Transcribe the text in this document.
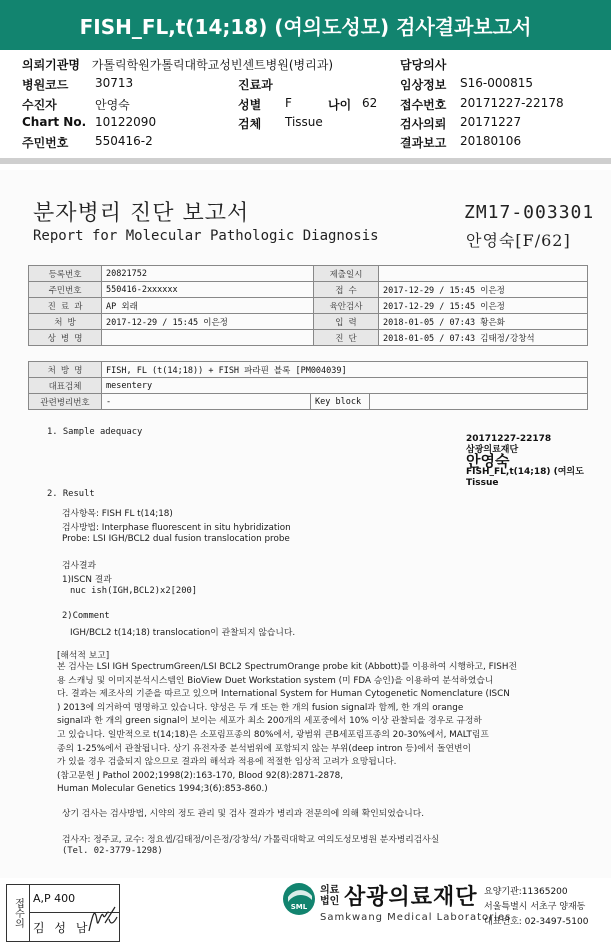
FISH_FL,t(14;18) (여의도성모) 검사결과보고서
의뢰기관명 가톨릭학원가톨릭대학교성빈센트병원(병리과)	담당의사
병원코드 30713	진료과	임상정보 S16-000815
수진자	안영숙	성별 F	나이 62 접수번호 20171227-22178
Chart No. 10122090	검체 Tissue	검사의뢰 20171227
주민번호 550416-2	결과보고 20180106
분자병리 진단 보고서
Report for Molecular Pathologic Diagnosis
ZM17-003301
안영숙[F/62]
등록번호	20821752	제출일시	
주민번호	550416-2xxxxxx	접 수	2017-12-29 / 15:45 이은정
진 료 과	AP 외래	육안검사	2017-12-29 / 15:45 이은정
처 방	2017-12-29 / 15:45 이은정	입 력	2018-01-05 / 07:43 황은화
상 병 명		진 단	2018-01-05 / 07:43 김태정/강창석
처 방 명	FISH, FL (t(14;18)) + FISH 파라핀 블록 [PM004039]		
대표검체	mesentery		
관련병리번호	-	Key block	
1. Sample adequacy
20171227-22178
삼광의료재단
안영숙
FISH_FL,t(14;18) (여의도
Tissue
2. Result
검사항목: FISH FL t(14;18)
검사방법: Interphase fluorescent in situ hybridization
Probe: LSI IGH/BCL2 dual fusion translocation probe
검사결과
1)ISCN 결과
nuc ish(IGH,BCL2)x2[200]
2)Comment
IGH/BCL2 t(14;18) translocation이 관찰되지 않습니다.
[해석적 보고]
본 검사는 LSI IGH SpectrumGreen/LSI BCL2 SpectrumOrange probe kit (Abbott)를 이용하여 시행하고, FISH전
용 스캐닝 및 이미지분석시스템인 BioView Duet Workstation system (미 FDA 승인)을 이용하여 분석하였습니
다. 결과는 제조사의 기준을 따르고 있으며 International System for Human Cytogenetic Nomenclature (ISCN
) 2013에 의거하여 명명하고 있습니다. 양성은 두 개 또는 한 개의 fusion signal과 함께, 한 개의 orange
signal과 한 개의 green signal이 보이는 세포가 최소 200개의 세포중에서 10% 이상 관찰되을 경우로 규정하
고 있습니다. 일반적으로 t(14;18)은 소포림프종의 80%에서, 광범위 큰B세포림프종의 20-30%에서, MALT림프
종의 1-25%에서 관찰됩니다. 상기 유전자중 분석범위에 포함되지 않는 부위(deep intron 등)에서 돌연변이
가 있을 경우 검출되지 않으므로 결과의 해석과 적용에 적절한 임상적 고려가 요망됩니다.
(참고문헌 J Pathol 2002;1998(2):163-170, Blood 92(8):2871-2878,
Human Molecular Genetics 1994;3(6):853-860.)
상기 검사는 검사방법, 시약의 정도 관리 및 검사 결과가 병리과 전문의에 의해 확인되었습니다.
검사자: 정주교, 교수: 정요셉/김태정/이은정/강창석/ 가톨릭대학교 여의도성모병원 분자병리검사실
(Tel. 02-3779-1298)
접수의 A,P 400
김 성 남
SML
의료
법인 삼광의료재단
Samkwang Medical Laboratories
요양기관:11365200
서울특별시 서초구 양재동
대표번호: 02-3497-5100
